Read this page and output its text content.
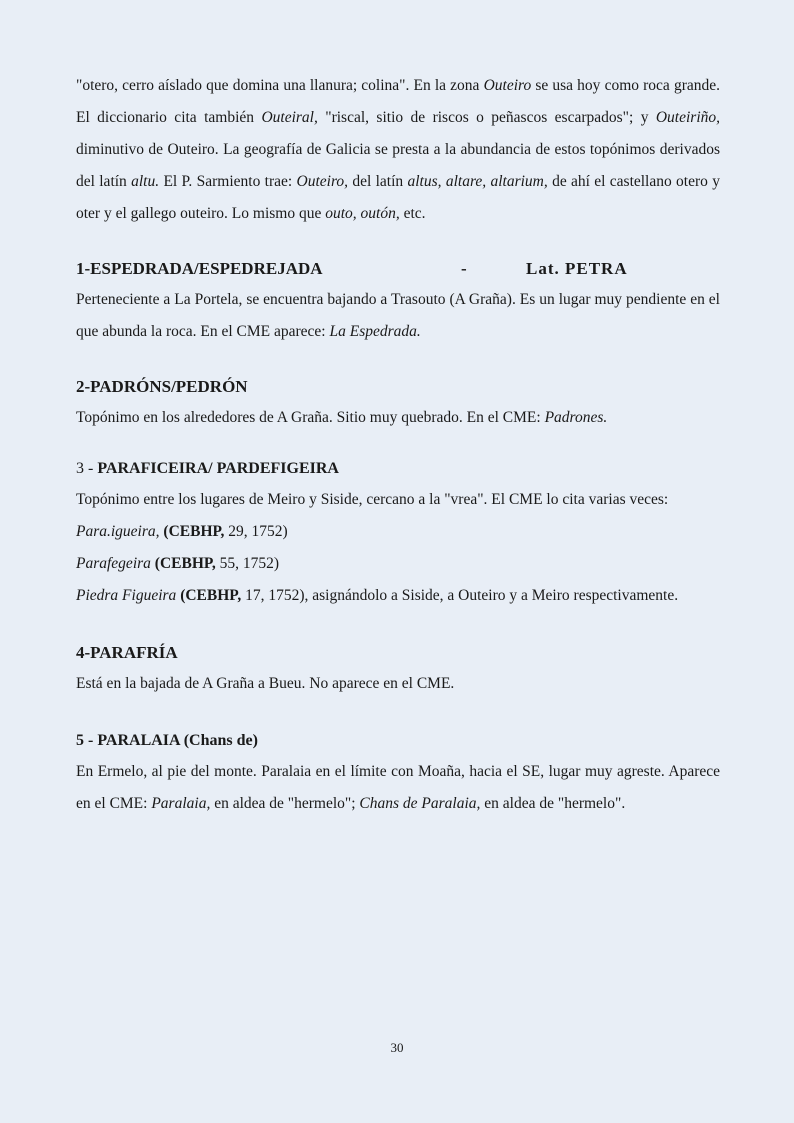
"otero, cerro aíslado que domina una llanura; colina". En la zona Outeiro se usa hoy como roca grande. El diccionario cita también Outeiral, "riscal, sitio de riscos o peñascos escarpados"; y Outeiriño, diminutivo de Outeiro. La geografía de Galicia se presta a la abundancia de estos topónimos derivados del latín altu. El P. Sarmiento trae: Outeiro, del latín altus, altare, altarium, de ahí el castellano otero y oter y el gallego outeiro. Lo mismo que outo, outón, etc.

1-ESPEDRADA/ESPEDREJADA	-	Lat. PETRA

Perteneciente a La Portela, se encuentra bajando a Trasouto (A Graña). Es un lugar muy pendiente en el que abunda la roca. En el CME aparece: La Espedrada.

2-PADRÓNS/PEDRÓN

Topónimo en los alrededores de A Graña. Sitio muy quebrado. En el CME: Padrones.

3 - PARAFICEIRA/ PARDEFIGEIRA

Topónimo entre los lugares de Meiro y Siside, cercano a la "vrea". El CME lo cita varias veces:

Para.igueira, (CEBHP, 29, 1752)

Parafegeira (CEBHP, 55, 1752)

Piedra Figueira (CEBHP, 17, 1752), asignándolo a Siside, a Outeiro y a Meiro respectivamente.

4-PARAFRÍA

Está en la bajada de A Graña a Bueu. No aparece en el CME.

5 - PARALAIA (Chans de)

En Ermelo, al pie del monte. Paralaia en el límite con Moaña, hacia el SE, lugar muy agreste. Aparece en el CME: Paralaia, en aldea de "hermelo"; Chans de Paralaia, en aldea de "hermelo".

30
